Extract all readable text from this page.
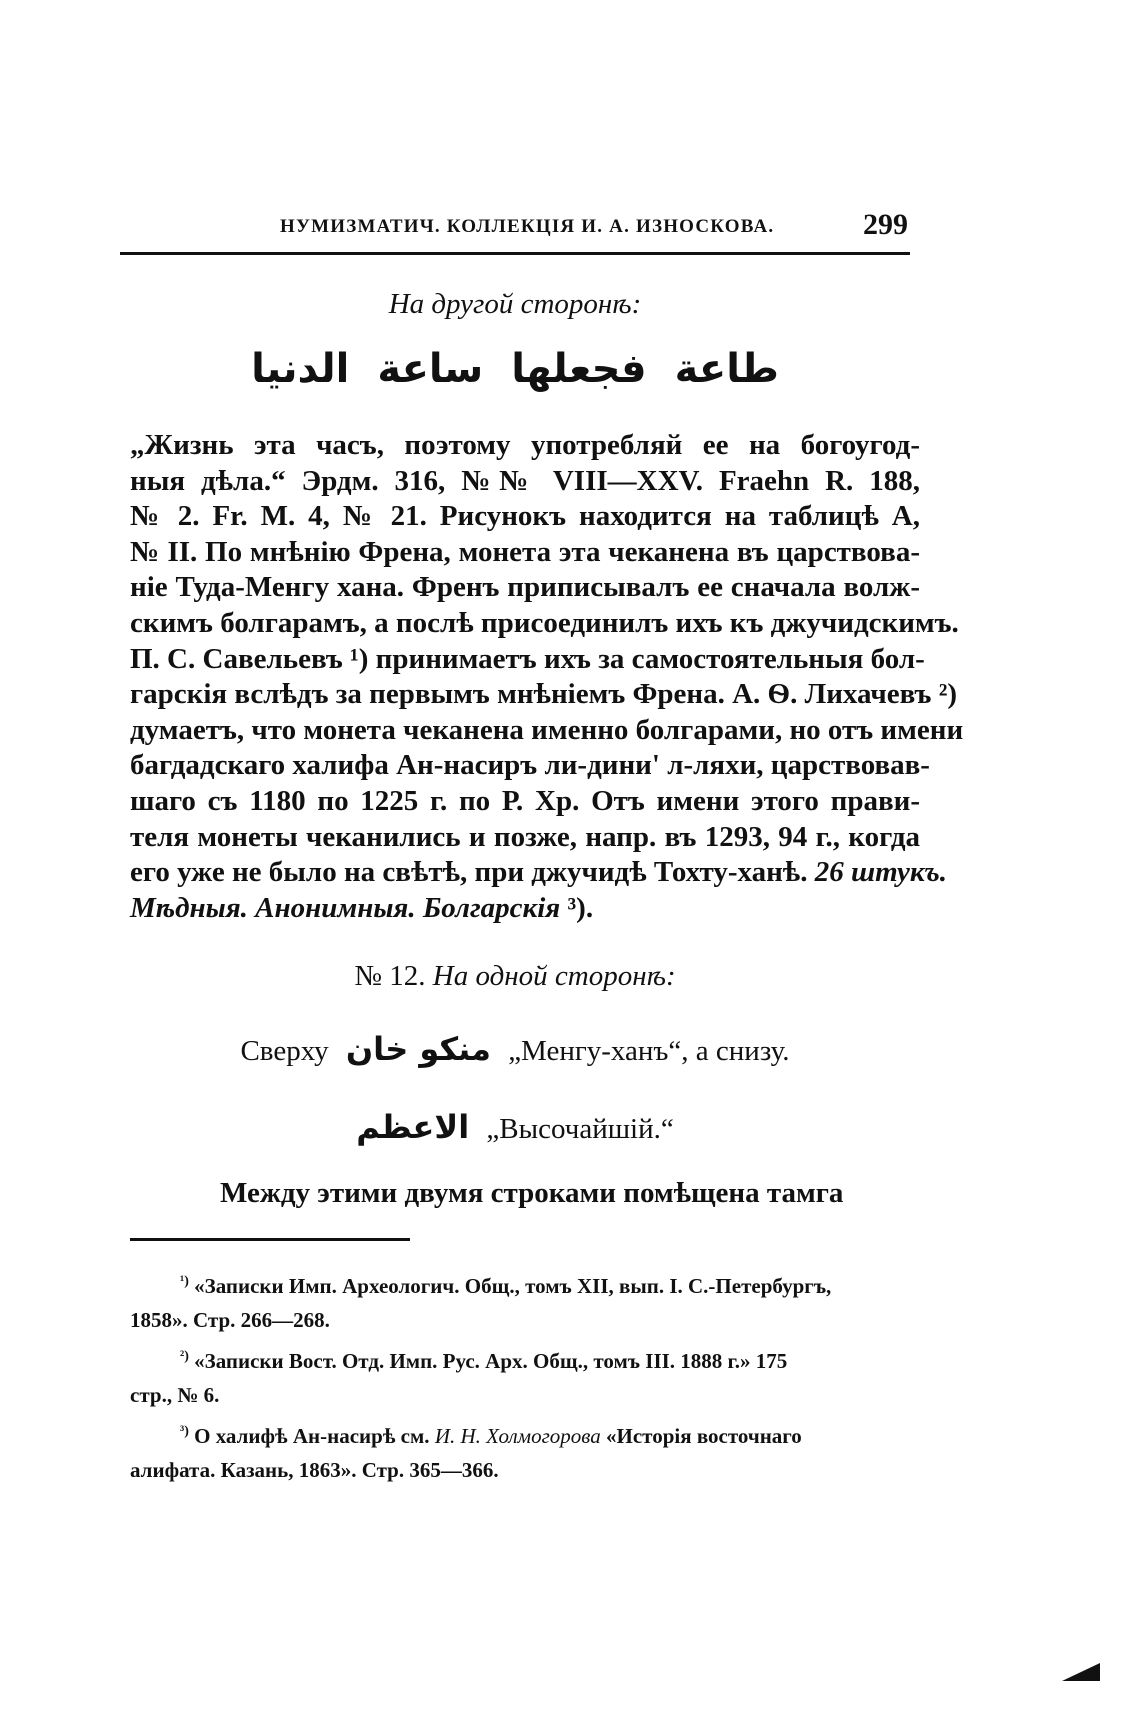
НУМИЗМАТИЧ. КОЛЛЕКЦІЯ И. А. ИЗНОСКОВА.	299
На другой сторонѣ:
الدنيا ساعة فجعلها طاعة
„Жизнь эта часъ, поэтому употребляй ее на богоугод-
ныя дѣла.“ Эрдм. 316, №№ VIII—XXV. Fraehn R. 188,
№ 2. Fr. M. 4, № 21. Рисунокъ находится на таблицѣ А,
№ II. По мнѣнію Френа, монета эта чеканена въ царствова-
ніе Туда-Менгу хана. Френъ приписывалъ ее сначала волж-
скимъ болгарамъ, а послѣ присоединилъ ихъ къ джучидскимъ.
П. С. Савельевъ ¹) принимаетъ ихъ за самостоятельныя бол-
гарскія вслѣдъ за первымъ мнѣніемъ Френа. А. Ѳ. Лихачевъ ²)
думаетъ, что монета чеканена именно болгарами, но отъ имени
багдадскаго халифа Ан-насиръ ли-дини' л-ляхи, царствовав-
шаго съ 1180 по 1225 г. по Р. Хр. Отъ имени этого прави-
теля монеты чеканились и позже, напр. въ 1293, 94 г., когда
его уже не было на свѣтѣ, при джучидѣ Тохту-ханѣ. 26 штукъ.
Мѣдныя. Анонимныя. Болгарскія ³).
№ 12. На одной сторонѣ:
Сверху منكو خان „Менгу-ханъ“, а снизу.
الاعظم „Высочайшій.“
Между этими двумя строками помѣщена тамга
$^{^1)}$ «Записки Имп. Археологич. Общ., томъ XII, вып. I. С.-Петербургъ,
1858». Стр. 266—268.
$^{^2)}$ «Записки Вост. Отд. Имп. Рус. Арх. Общ., томъ III. 1888 г.» 175
стр., № 6.
$^{^3)}$ О халифѣ Ан-насирѣ см. И. Н. Холмогорова «Исторія восточнаго
алифата. Казань, 1863». Стр. 365—366.
